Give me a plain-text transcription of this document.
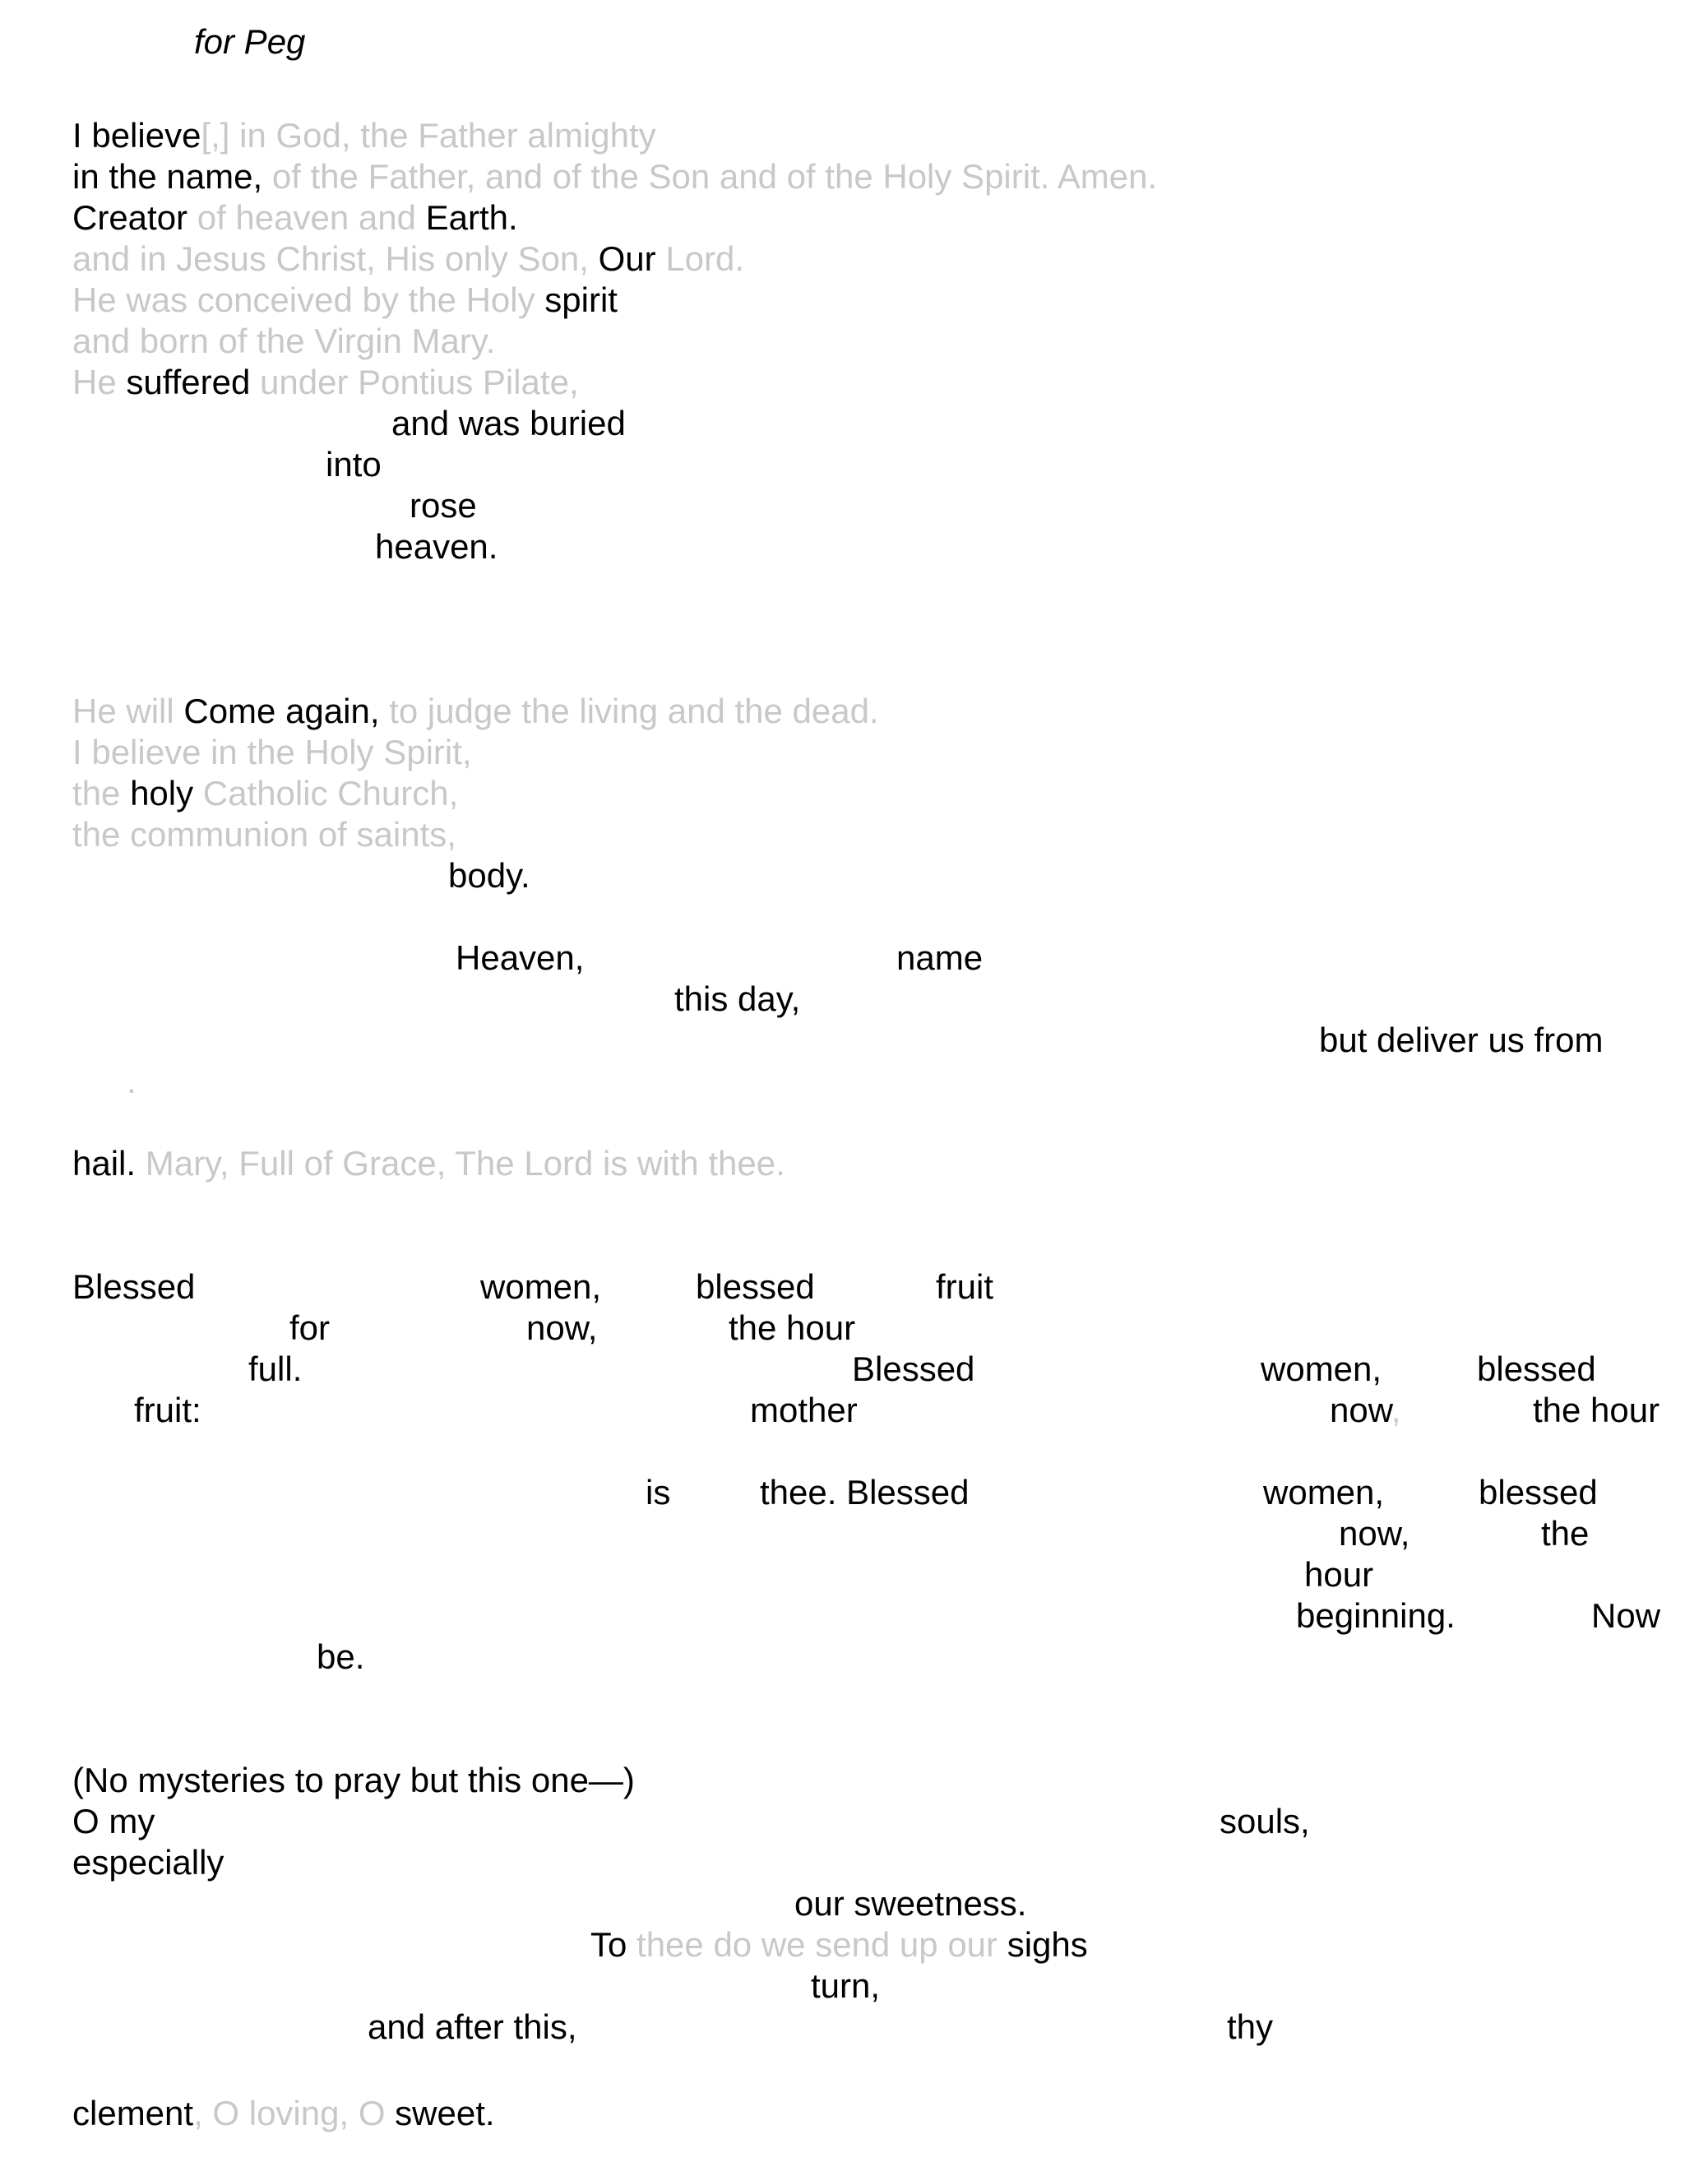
for Peg
I believe[,] in God, the Father almighty
in the name, of the Father, and of the Son and of the Holy Spirit. Amen.
Creator of heaven and Earth.
and in Jesus Christ, His only Son, Our Lord.
He was conceived by the Holy spirit
and born of the Virgin Mary.
He suffered under Pontius Pilate,
and was buried
into
rose
heaven.
He will Come again, to judge the living and the dead.
I believe in the Holy Spirit,
the holy Catholic Church,
the communion of saints,
body.
Heaven,	name
this day,
but deliver us from
.
hail. Mary, Full of Grace, The Lord is with thee.
Blessed	women,	blessed	fruit
for	now,	the hour
full.	Blessed	women,	blessed
fruit:	mother	now,	the hour
is	thee. Blessed	women,	blessed
now,	the
hour
beginning.	Now
be.
(No mysteries to pray but this one—)
O my	souls,
especially
our sweetness.
To thee do we send up our sighs
turn,
and after this,	thy
clement, O loving, O sweet.
